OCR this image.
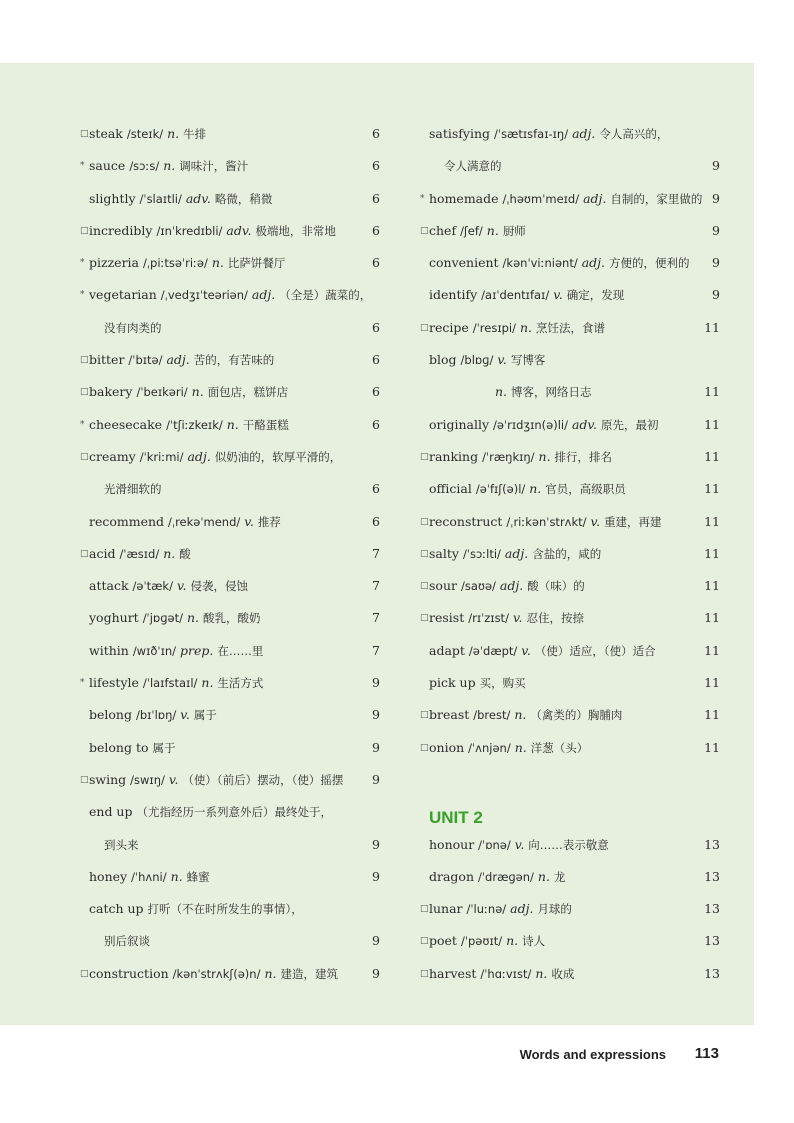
□ steak /steɪk/ n. 牛排	6
* sauce /sɔːs/ n. 调味汁，酱汁	6
slightly /ˈslaɪtli/ adv. 略微，稍微	6
□ incredibly /ɪnˈkredɪbli/ adv. 极端地，非常地	6
* pizzeria /ˌpiːtsəˈriːə/ n. 比萨饼餐厅	6
* vegetarian /ˌvedʒɪˈteəriən/ adj. （全是）蔬菜的，
没有肉类的	6
□ bitter /ˈbɪtə/ adj. 苦的，有苦味的	6
□ bakery /ˈbeɪkəri/ n. 面包店，糕饼店	6
* cheesecake /ˈtʃiːzkeɪk/ n. 干酪蛋糕	6
□ creamy /ˈkriːmi/ adj. 似奶油的，软厚平滑的，
光滑细软的	6
recommend /ˌrekəˈmend/ v. 推荐	6
□ acid /ˈæsɪd/ n. 酸	7
attack /əˈtæk/ v. 侵袭，侵蚀	7
yoghurt /ˈjɒɡət/ n. 酸乳，酸奶	7
within /wɪðˈɪn/ prep. 在……里	7
* lifestyle /ˈlaɪfstaɪl/ n. 生活方式	9
belong /bɪˈlɒŋ/ v. 属于	9
belong to 属于	9
□ swing /swɪŋ/ v. （使）（前后）摆动，（使）摇摆 9
end up （尤指经历一系列意外后）最终处于，
到头来	9
honey /ˈhʌni/ n. 蜂蜜	9
catch up 打听（不在时所发生的事情），
别后叙谈	9
□ construction /kənˈstrʌkʃ(ə)n/ n. 建造，建筑	9
satisfying /ˈsætɪsfaɪ-ɪŋ/ adj. 令人高兴的，
令人满意的	9
* homemade /ˌhəʊmˈmeɪd/ adj. 自制的，家里做的 9
□ chef /ʃef/ n. 厨师	9
convenient /kənˈviːniənt/ adj. 方便的，便利的 9
identify /aɪˈdentɪfaɪ/ v. 确定，发现	9
□ recipe /ˈresɪpi/ n. 烹饪法，食谱	11
blog /blɒɡ/ v. 写博客
n. 博客，网络日志	11
originally /əˈrɪdʒɪn(ə)li/ adv. 原先，最初	11
□ ranking /ˈræŋkɪŋ/ n. 排行，排名	11
official /əˈfɪʃ(ə)l/ n. 官员，高级职员	11
□ reconstruct /ˌriːkənˈstrʌkt/ v. 重建，再建	11
□ salty /ˈsɔːlti/ adj. 含盐的，咸的	11
□ sour /saʊə/ adj. 酸（味）的	11
□ resist /rɪˈzɪst/ v. 忍住，按捺	11
adapt /əˈdæpt/ v. （使）适应，（使）适合	11
pick up 买，购买	11
□ breast /brest/ n. （禽类的）胸脯肉	11
□ onion /ˈʌnjən/ n. 洋葱（头）	11
UNIT 2
honour /ˈɒnə/ v. 向……表示敬意	13
dragon /ˈdræɡən/ n. 龙	13
□ lunar /ˈluːnə/ adj. 月球的	13
□ poet /ˈpəʊɪt/ n. 诗人	13
□ harvest /ˈhɑːvɪst/ n. 收成	13
Words and expressions 113
